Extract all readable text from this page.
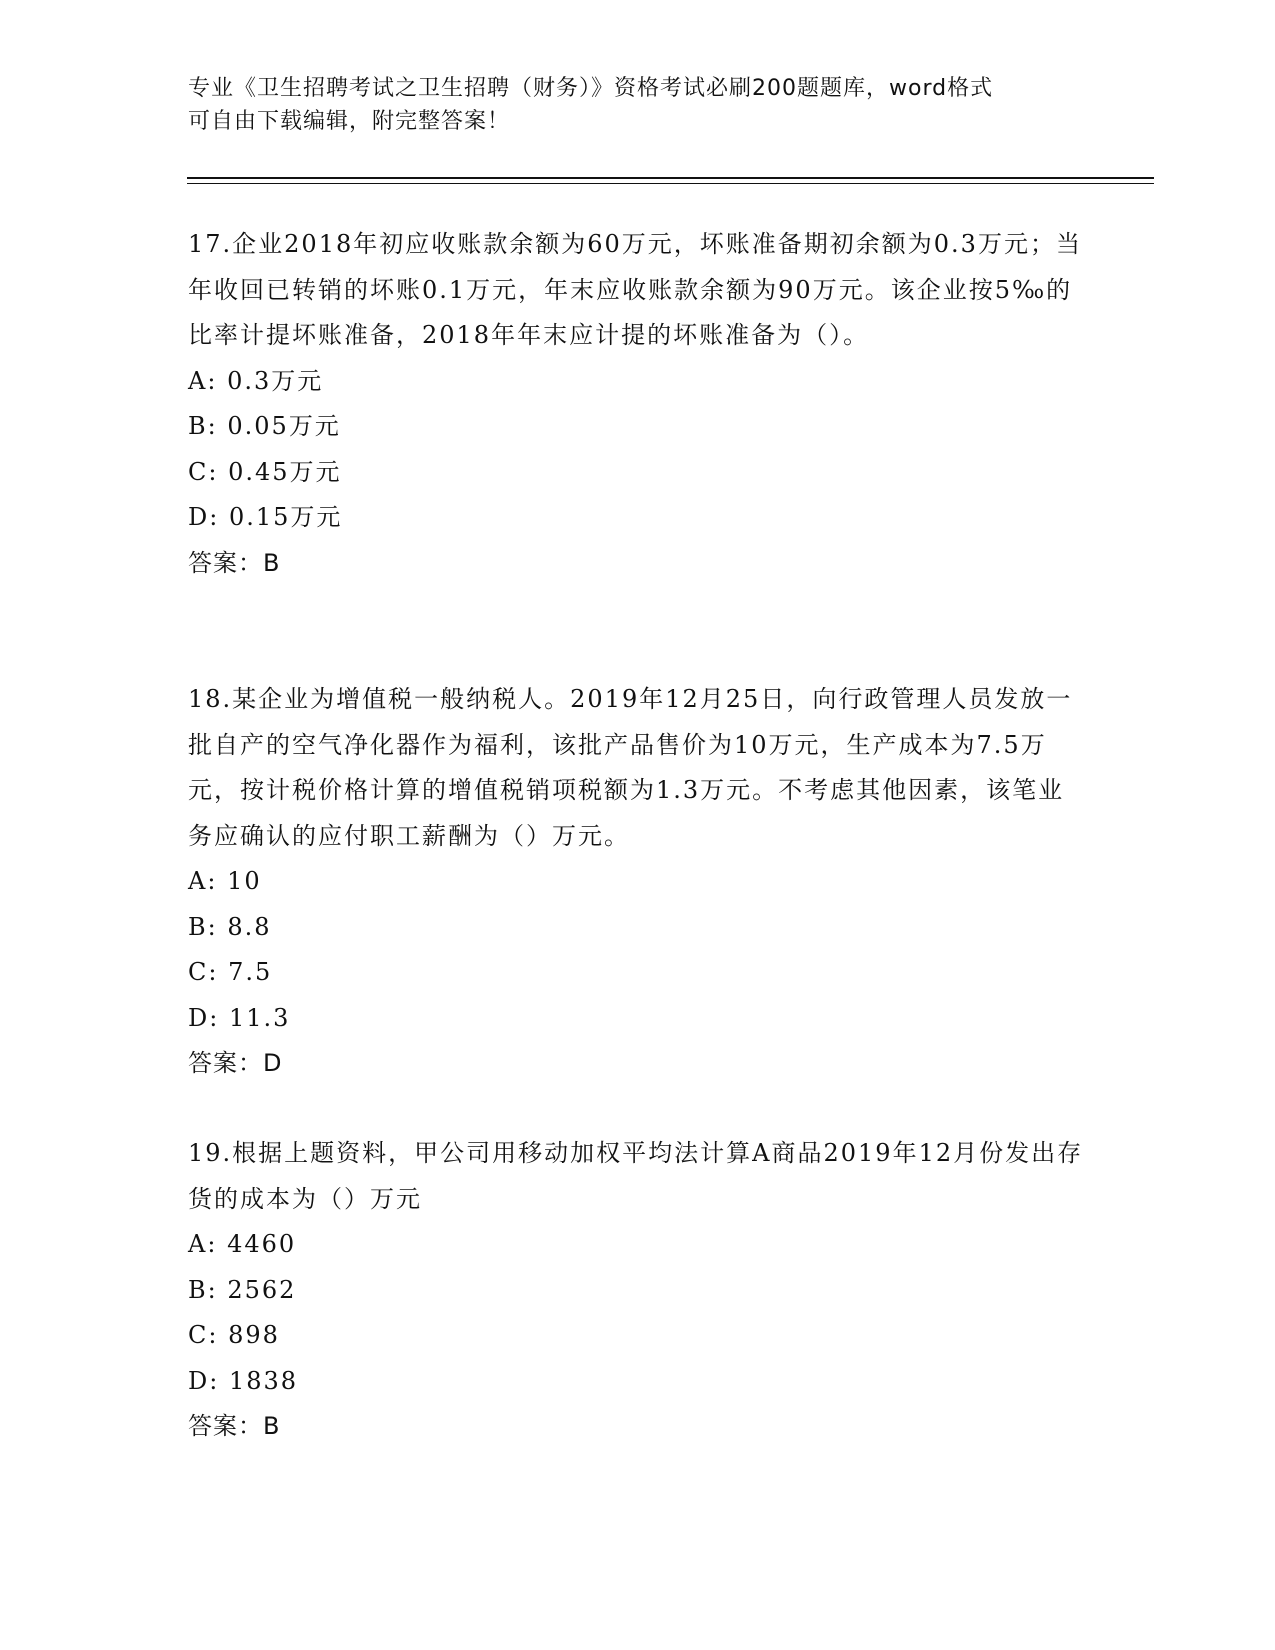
专业《卫生招聘考试之卫生招聘（财务）》资格考试必刷200题题库，word格式
可自由下载编辑，附完整答案！

17.企业2018年初应收账款余额为60万元，坏账准备期初余额为0.3万元；当年收回已转销的坏账0.1万元，年末应收账款余额为90万元。该企业按5‰的比率计提坏账准备，2018年年末应计提的坏账准备为（）。

A: 0.3万元

B: 0.05万元

C: 0.45万元

D: 0.15万元

答案：B

18.某企业为增值税一般纳税人。2019年12月25日，向行政管理人员发放一批自产的空气净化器作为福利，该批产品售价为10万元，生产成本为7.5万元，按计税价格计算的增值税销项税额为1.3万元。不考虑其他因素，该笔业务应确认的应付职工薪酬为（）万元。

A: 10

B: 8.8

C: 7.5

D: 11.3

答案：D

19.根据上题资料，甲公司用移动加权平均法计算A商品2019年12月份发出存货的成本为（）万元

A: 4460

B: 2562

C: 898

D: 1838

答案：B
